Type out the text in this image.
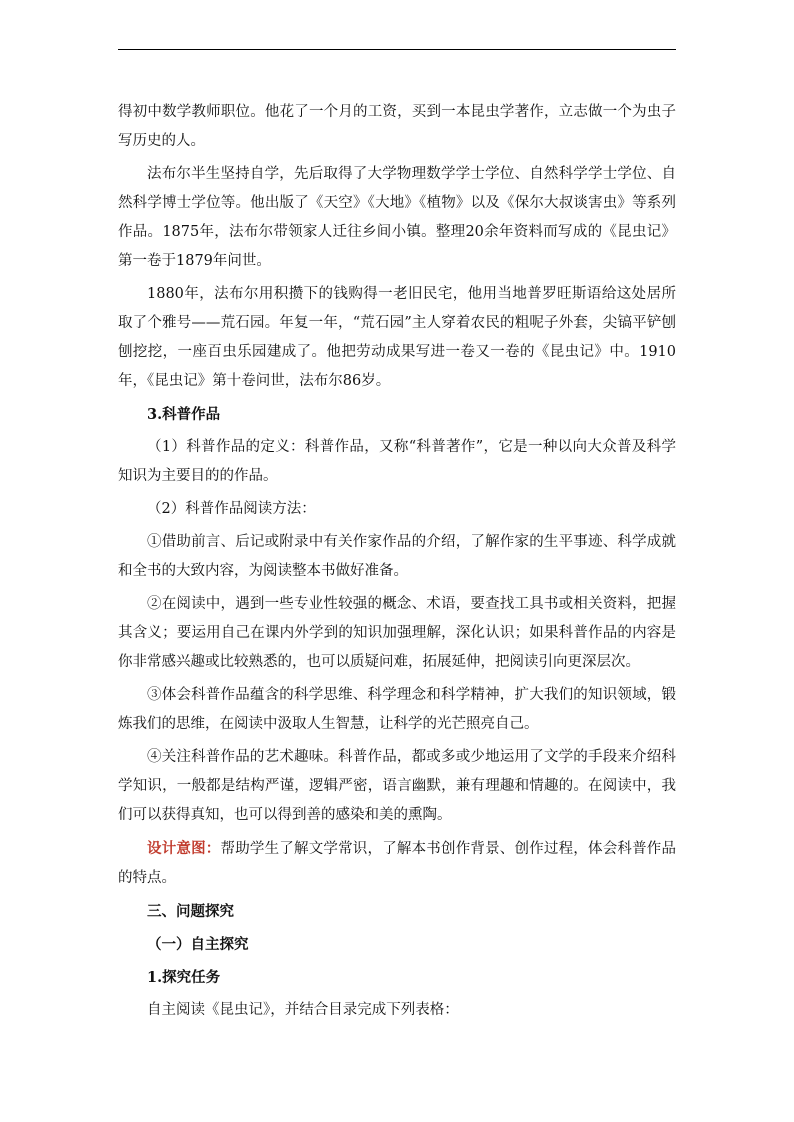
得初中数学教师职位。他花了一个月的工资，买到一本昆虫学著作，立志做一个为虫子写历史的人。

法布尔半生坚持自学，先后取得了大学物理数学学士学位、自然科学学士学位、自然科学博士学位等。他出版了《天空》《大地》《植物》以及《保尔大叔谈害虫》等系列作品。1875年，法布尔带领家人迁往乡间小镇。整理20余年资料而写成的《昆虫记》第一卷于1879年问世。

1880年，法布尔用积攒下的钱购得一老旧民宅，他用当地普罗旺斯语给这处居所取了个雅号——荒石园。年复一年，“荒石园”主人穿着农民的粗呢子外套，尖镐平铲刨刨挖挖，一座百虫乐园建成了。他把劳动成果写进一卷又一卷的《昆虫记》中。1910年，《昆虫记》第十卷问世，法布尔86岁。

3.科普作品

（1）科普作品的定义：科普作品，又称“科普著作”，它是一种以向大众普及科学知识为主要目的的作品。

（2）科普作品阅读方法：

①借助前言、后记或附录中有关作家作品的介绍，了解作家的生平事迹、科学成就和全书的大致内容，为阅读整本书做好准备。

②在阅读中，遇到一些专业性较强的概念、术语，要查找工具书或相关资料，把握其含义；要运用自己在课内外学到的知识加强理解，深化认识；如果科普作品的内容是你非常感兴趣或比较熟悉的，也可以质疑问难，拓展延伸，把阅读引向更深层次。

③体会科普作品蕴含的科学思维、科学理念和科学精神，扩大我们的知识领域，锻炼我们的思维，在阅读中汲取人生智慧，让科学的光芒照亮自己。

④关注科普作品的艺术趣味。科普作品，都或多或少地运用了文学的手段来介绍科学知识，一般都是结构严谨，逻辑严密，语言幽默，兼有理趣和情趣的。在阅读中，我们可以获得真知，也可以得到善的感染和美的熏陶。

设计意图：帮助学生了解文学常识，了解本书创作背景、创作过程，体会科普作品的特点。

三、问题探究

（一）自主探究

1.探究任务

自主阅读《昆虫记》，并结合目录完成下列表格：
